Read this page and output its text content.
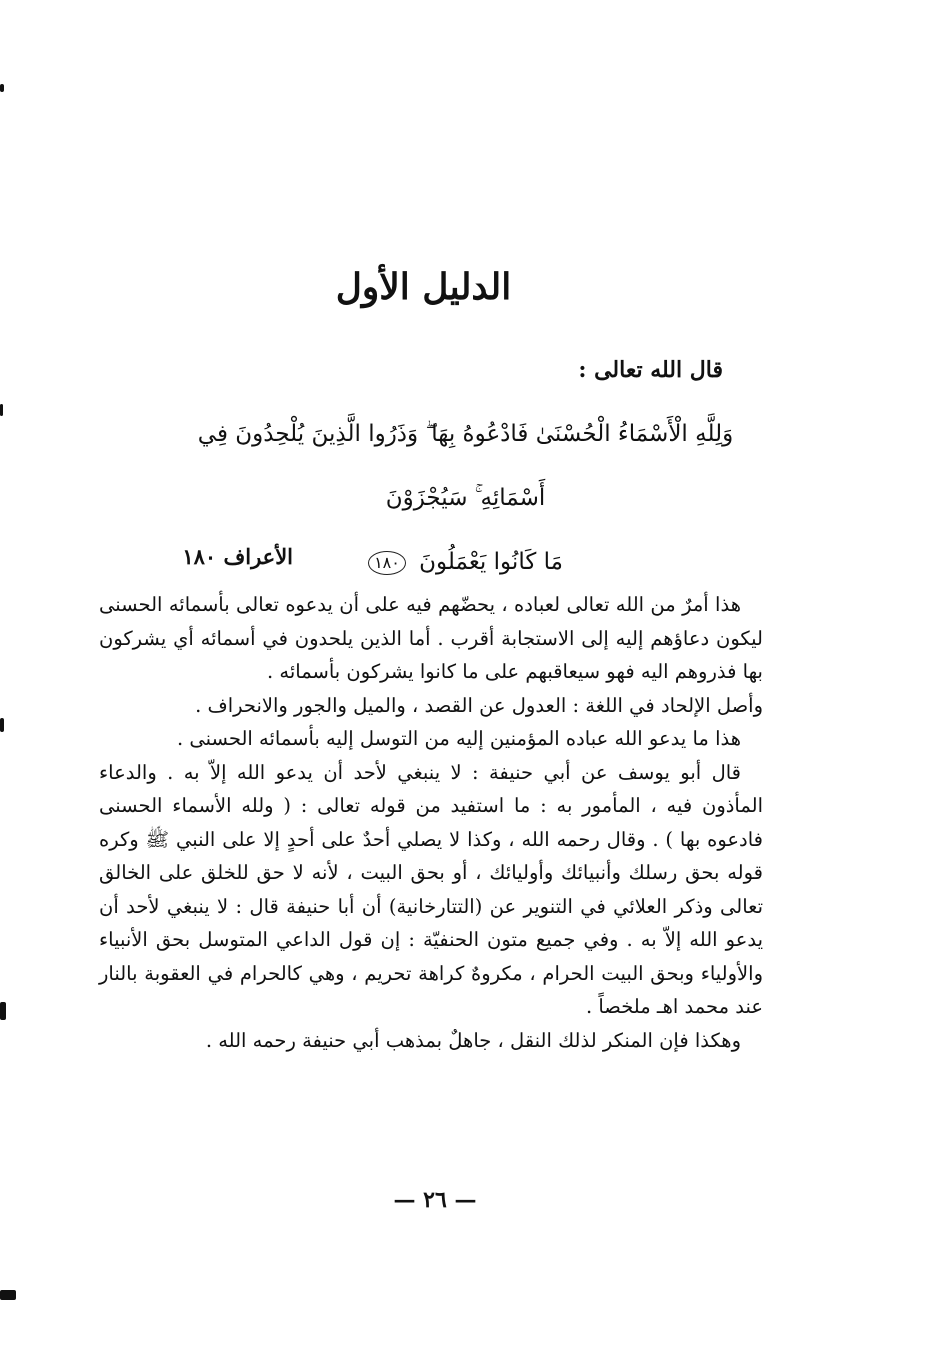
الدليل الأول
قال الله تعالى :
وَلِلَّهِ الْأَسْمَاءُ الْحُسْنَىٰ فَادْعُوهُ بِهَا ۖ وَذَرُوا الَّذِينَ يُلْحِدُونَ فِي أَسْمَائِهِ ۚ سَيُجْزَوْنَ
مَا كَانُوا يَعْمَلُونَ ١٨٠
الأعراف ١٨٠

هذا أمرٌ من الله تعالى لعباده ، يحضّهم فيه على أن يدعوه تعالى بأسمائه الحسنى ليكون دعاؤهم إليه إلى الاستجابة أقرب . أما الذين يلحدون في أسمائه أي يشركون بها فذروهم اليه فهو سيعاقبهم على ما كانوا يشركون بأسمائه .

وأصل الإلحاد في اللغة : العدول عن القصد ، والميل والجور والانحراف .

هذا ما يدعو الله عباده المؤمنين إليه من التوسل إليه بأسمائه الحسنى .

قال أبو يوسف عن أبي حنيفة : لا ينبغي لأحد أن يدعو الله إلاّ به . والدعاء المأذون فيه ، المأمور به : ما استفيد من قوله تعالى : ( ولله الأسماء الحسنى فادعوه بها ) . وقال رحمه الله ، وكذا لا يصلي أحدٌ على أحدٍ إلا على النبي ﷺ وكره قوله بحق رسلك وأنبيائك وأوليائك ، أو بحق البيت ، لأنه لا حق للخلق على الخالق تعالى وذكر العلائي في التنوير عن (التتارخانية) أن أبا حنيفة قال : لا ينبغي لأحد أن يدعو الله إلاّ به . وفي جميع متون الحنفيّة : إن قول الداعي المتوسل بحق الأنبياء والأولياء وبحق البيت الحرام ، مكروهٌ كراهة تحريم ، وهي كالحرام في العقوبة بالنار عند محمد اهـ ملخصاً .

وهكذا فإن المنكر لذلك النقل ، جاهلٌ بمذهب أبي حنيفة رحمه الله .

— ٢٦ —
